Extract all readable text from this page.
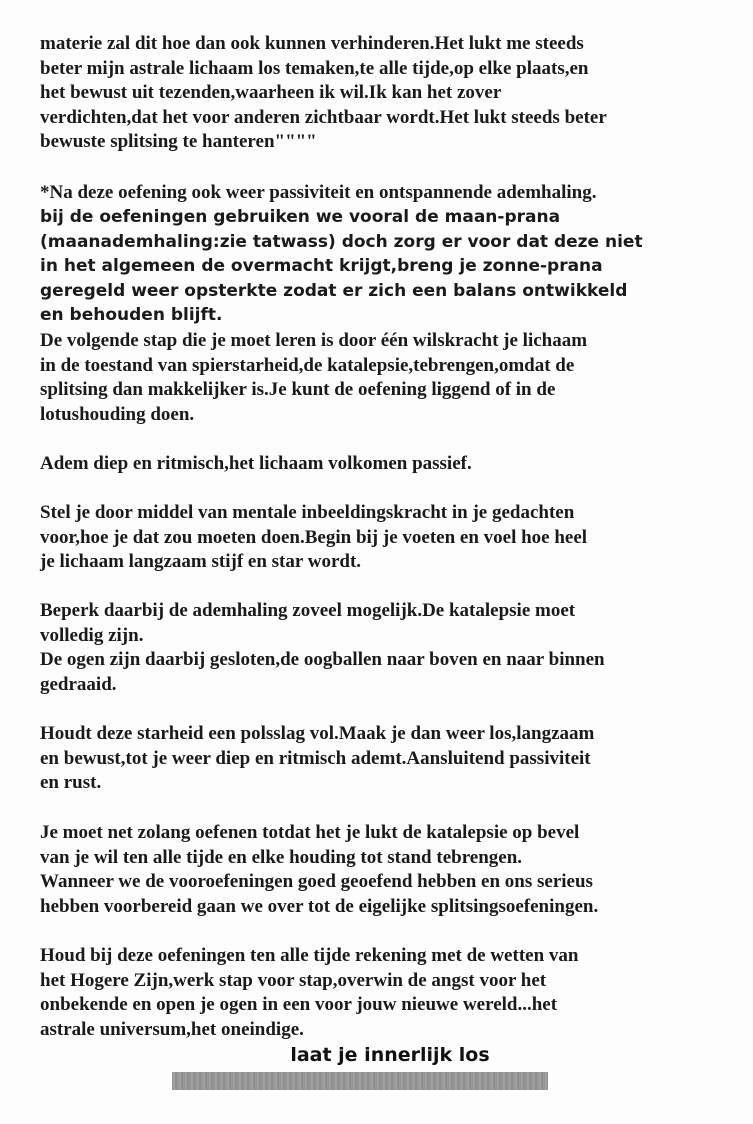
materie zal dit hoe dan ook kunnen verhinderen.Het lukt me steeds
beter mijn astrale lichaam los temaken,te alle tijde,op elke plaats,en
het bewust uit tezenden,waarheen ik wil.Ik kan het zover
verdichten,dat het voor anderen zichtbaar wordt.Het lukt steeds beter
bewuste splitsing te hanteren""""
*Na deze oefening ook weer passiviteit en ontspannende ademhaling.
bij de oefeningen gebruiken we vooral de maan-prana
(maanademhaling:zie tatwass) doch zorg er voor dat deze niet
in het algemeen de overmacht krijgt,breng je zonne-prana
geregeld weer opsterkte zodat er zich een balans ontwikkeld
en behouden blijft.
De volgende stap die je moet leren is door één wilskracht je lichaam
in de toestand van spierstarheid,de katalepsie,tebrengen,omdat de
splitsing dan makkelijker is.Je kunt de oefening liggend of in de
lotushouding doen.
Adem diep en ritmisch,het lichaam volkomen passief.
Stel je door middel van mentale inbeeldingskracht in je gedachten
voor,hoe je dat zou moeten doen.Begin bij je voeten en voel hoe heel
je lichaam langzaam stijf en star wordt.
Beperk daarbij de ademhaling zoveel mogelijk.De katalepsie moet
volledig zijn.
De ogen zijn daarbij gesloten,de oogballen naar boven en naar binnen
gedraaid.
Houdt deze starheid een polsslag vol.Maak je dan weer los,langzaam
en bewust,tot je weer diep en ritmisch ademt.Aansluitend passiviteit
en rust.
Je moet net zolang oefenen totdat het je lukt de katalepsie op bevel
van je wil ten alle tijde en elke houding tot stand tebrengen.
Wanneer we de vooroefeningen goed geoefend hebben en ons serieus
hebben voorbereid gaan we over tot de eigelijke splitsingsoefeningen.
Houd bij deze oefeningen ten alle tijde rekening met de wetten van
het Hogere Zijn,werk stap voor stap,overwin de angst voor het
onbekende en open je ogen in een voor jouw nieuwe wereld...het
astrale universum,het oneindige.
laat je innerlijk los
